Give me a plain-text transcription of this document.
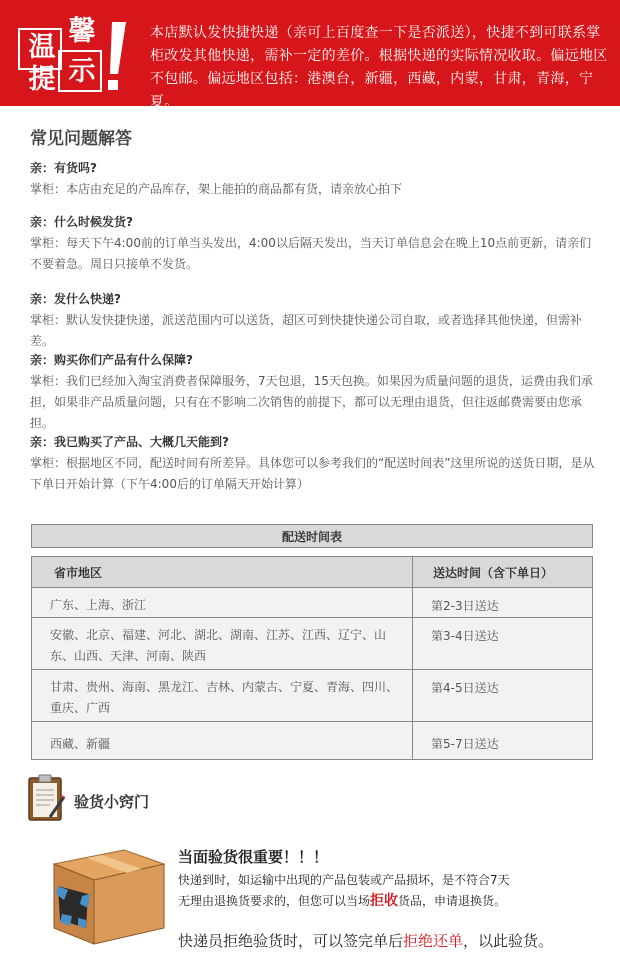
温
馨
提 示
本店默认发快捷快递（亲可上百度查一下是否派送），快捷不到可联系掌柜改发其他快递，需补一定的差价。根据快递的实际情况收取。偏远地区不包邮。偏远地区包括：港澳台，新疆，西藏，内蒙，甘肃，青海，宁夏。
常见问题解答
亲：有货吗?
掌柜：本店由充足的产品库存，架上能拍的商品都有货，请亲放心拍下
亲：什么时候发货?
掌柜：每天下午4:00前的订单当头发出，4:00以后隔天发出，当天订单信息会在晚上10点前更新，请亲们不要着急。周日只接单不发货。
亲：发什么快递?
掌柜：默认发快捷快递，派送范围内可以送货，超区可到快捷快递公司自取，或者选择其他快递，但需补差。
亲：购买你们产品有什么保障?
掌柜：我们已经加入淘宝消费者保障服务，7天包退，15天包换。如果因为质量问题的退货，运费由我们承担，如果非产品质量问题，只有在不影响二次销售的前提下，都可以无理由退货，但往返邮费需要由您承担。
亲：我已购买了产品、大概几天能到?
掌柜：根据地区不同，配送时间有所差异。具体您可以参考我们的“配送时间表”这里所说的送货日期，是从下单日开始计算（下午4:00后的订单隔天开始计算）
配送时间表	

省市地区	送达时间（含下单日）
广东、上海、浙江	第2-3日送达
安徽、北京、福建、河北、湖北、湖南、江苏、江西、辽宁、山东、山西、天津、河南、陕西	第3-4日送达
甘肃、贵州、海南、黑龙江、吉林、内蒙古、宁夏、青海、四川、重庆、广西	第4-5日送达
西藏、新疆	第5-7日送达
验货小窍门
当面验货很重要！！！
快递到时，如运输中出现的产品包装或产品损坏，是不符合7天无理由退换货要求的，但您可以当场拒收货品，申请退换货。
快递员拒绝验货时，可以签完单后拒绝还单，以此验货。
